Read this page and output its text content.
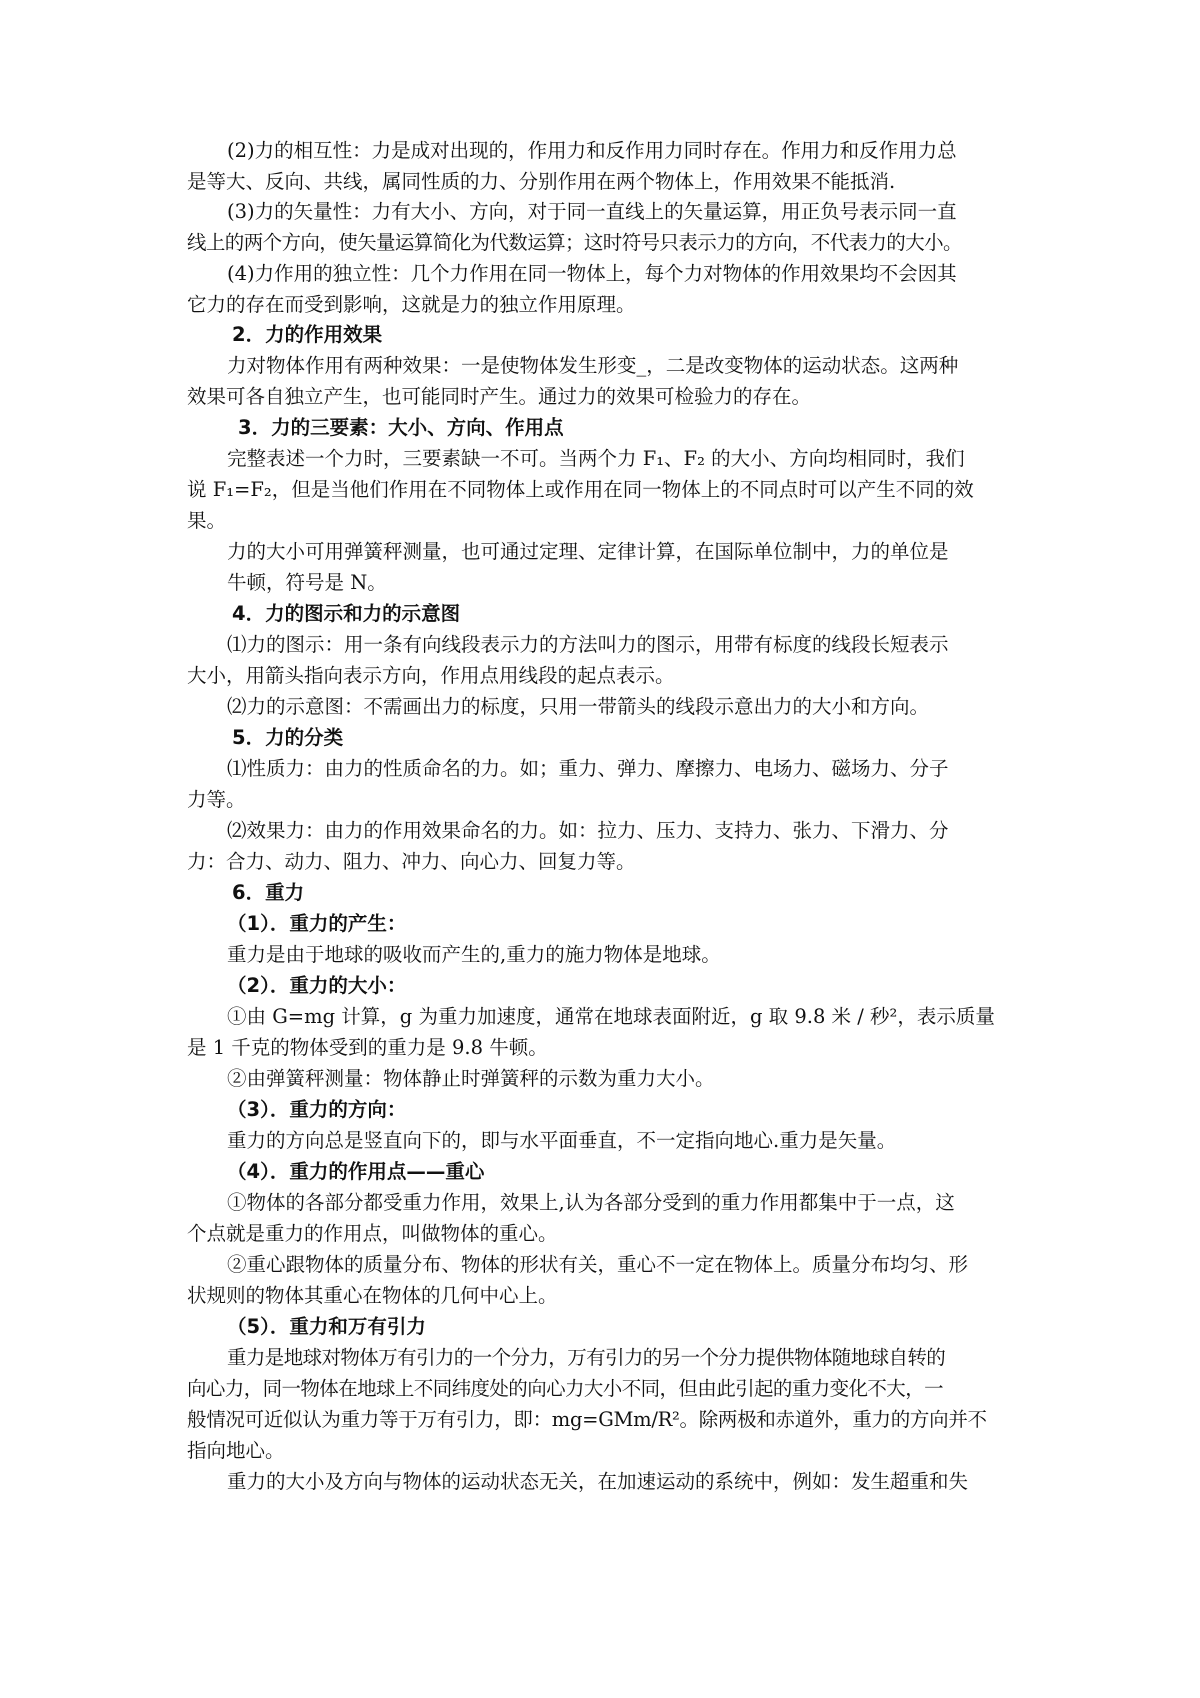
(2)力的相互性：力是成对出现的，作用力和反作用力同时存在。作用力和反作用力总
是等大、反向、共线，属同性质的力、分别作用在两个物体上，作用效果不能抵消.
(3)力的矢量性：力有大小、方向，对于同一直线上的矢量运算，用正负号表示同一直
线上的两个方向，使矢量运算简化为代数运算；这时符号只表示力的方向，不代表力的大小。
(4)力作用的独立性：几个力作用在同一物体上，每个力对物体的作用效果均不会因其
它力的存在而受到影响，这就是力的独立作用原理。
2．力的作用效果
力对物体作用有两种效果：一是使物体发生形变_，二是改变物体的运动状态。这两种
效果可各自独立产生，也可能同时产生。通过力的效果可检验力的存在。
3．力的三要素：大小、方向、作用点
完整表述一个力时，三要素缺一不可。当两个力 F₁、F₂ 的大小、方向均相同时，我们
说 F₁=F₂，但是当他们作用在不同物体上或作用在同一物体上的不同点时可以产生不同的效
果。
力的大小可用弹簧秤测量，也可通过定理、定律计算，在国际单位制中，力的单位是
牛顿，符号是 N。
4．力的图示和力的示意图
⑴力的图示：用一条有向线段表示力的方法叫力的图示，用带有标度的线段长短表示
大小，用箭头指向表示方向，作用点用线段的起点表示。
⑵力的示意图：不需画出力的标度，只用一带箭头的线段示意出力的大小和方向。
5．力的分类
⑴性质力：由力的性质命名的力。如；重力、弹力、摩擦力、电场力、磁场力、分子
力等。
⑵效果力：由力的作用效果命名的力。如：拉力、压力、支持力、张力、下滑力、分
力：合力、动力、阻力、冲力、向心力、回复力等。
6．重力
（1）．重力的产生：
重力是由于地球的吸收而产生的,重力的施力物体是地球。
（2）．重力的大小：
①由 G=mg 计算，g 为重力加速度，通常在地球表面附近，g 取 9.8 米 / 秒²，表示质量
是 1 千克的物体受到的重力是 9.8 牛顿。
②由弹簧秤测量：物体静止时弹簧秤的示数为重力大小。
（3）．重力的方向：
重力的方向总是竖直向下的，即与水平面垂直，不一定指向地心.重力是矢量。
（4）．重力的作用点——重心
①物体的各部分都受重力作用，效果上,认为各部分受到的重力作用都集中于一点，这
个点就是重力的作用点，叫做物体的重心。
②重心跟物体的质量分布、物体的形状有关，重心不一定在物体上。质量分布均匀、形
状规则的物体其重心在物体的几何中心上。
（5）．重力和万有引力
重力是地球对物体万有引力的一个分力，万有引力的另一个分力提供物体随地球自转的
向心力，同一物体在地球上不同纬度处的向心力大小不同，但由此引起的重力变化不大，一
般情况可近似认为重力等于万有引力，即：mg=GMm/R²。除两极和赤道外，重力的方向并不
指向地心。
重力的大小及方向与物体的运动状态无关，在加速运动的系统中，例如：发生超重和失
